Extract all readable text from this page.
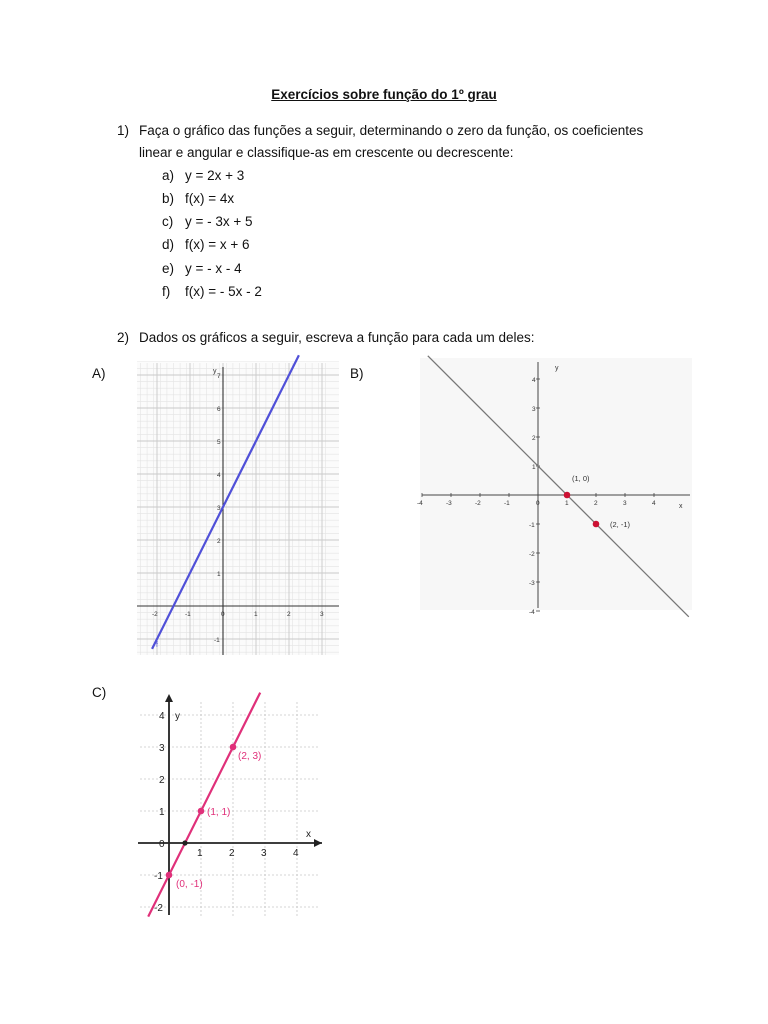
Exercícios sobre função do 1º grau
1) Faça o gráfico das funções a seguir, determinando o zero da função, os coeficientes
linear e angular e classifique-as em crescente ou decrescente:
a) y = 2x + 3
b) f(x) = 4x
c) y = - 3x + 5
d) f(x) = x + 6
e) y = - x - 4
f) f(x) = - 5x - 2
2) Dados os gráficos a seguir, escreva a função para cada um deles:
A)	B)
C)
y
-2	-1	0	1	2	3
-1
1
2
3
4
5
6
7
f
x
y
-4	-3	-2	-1	0	1	2	3	4
-4
-3
-2
-1
1
2
3
4
(1, 0)
(2, -1)
x
y
1	2	3	4
-2
-1
0
1
2
3
4
(0, -1)
(1, 1)
(2, 3)
